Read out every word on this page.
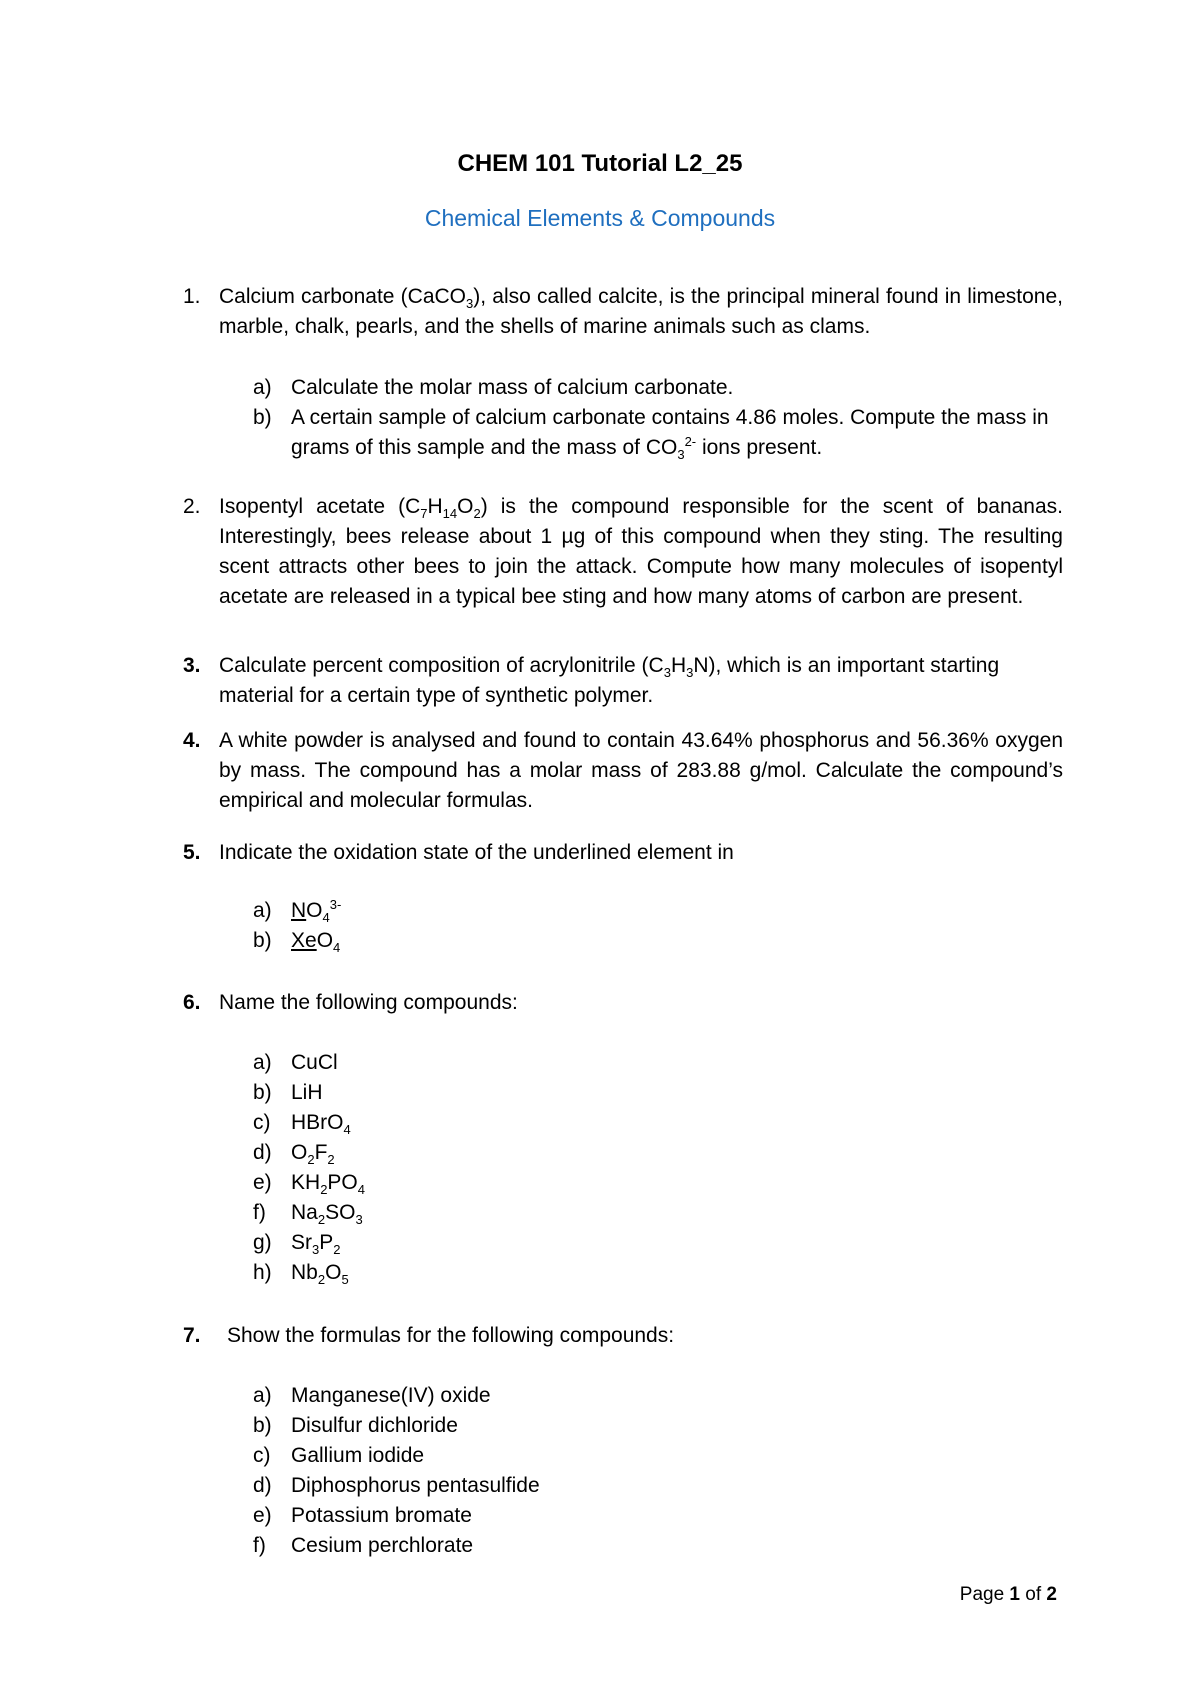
CHEM 101 Tutorial L2_25
Chemical Elements & Compounds
1. Calcium carbonate (CaCO$_3$), also called calcite, is the principal mineral found in limestone, marble, chalk, pearls, and the shells of marine animals such as clams.
a) Calculate the molar mass of calcium carbonate.
b) A certain sample of calcium carbonate contains 4.86 moles. Compute the mass in grams of this sample and the mass of $CO_3^{2-}$ ions present.
2. Isopentyl acetate $(C_7H_{14}O_2)$ is the compound responsible for the scent of bananas. Interestingly, bees release about 1 µg of this compound when they sting. The resulting scent attracts other bees to join the attack. Compute how many molecules of isopentyl acetate are released in a typical bee sting and how many atoms of carbon are present.
3. Calculate percent composition of acrylonitrile $(C_3H_3N)$, which is an important starting material for a certain type of synthetic polymer.
4. A white powder is analysed and found to contain 43.64% phosphorus and 56.36% oxygen by mass. The compound has a molar mass of 283.88 g/mol. Calculate the compound’s empirical and molecular formulas.
5. Indicate the oxidation state of the underlined element in
a) $NO_4^{3-}$
b) XeO$_4$
6. Name the following compounds:
a) CuCl
b) LiH
c) HBrO$_4$
d) $O_2F_2$
e) $KH_2PO_4$
f) $Na_2SO_3$
g) $Sr_3P_2$
h) $Nb_2O_5$
7. Show the formulas for the following compounds:
a) Manganese(IV) oxide
b) Disulfur dichloride
c) Gallium iodide
d) Diphosphorus pentasulfide
e) Potassium bromate
f) Cesium perchlorate
Page 1 of 2
